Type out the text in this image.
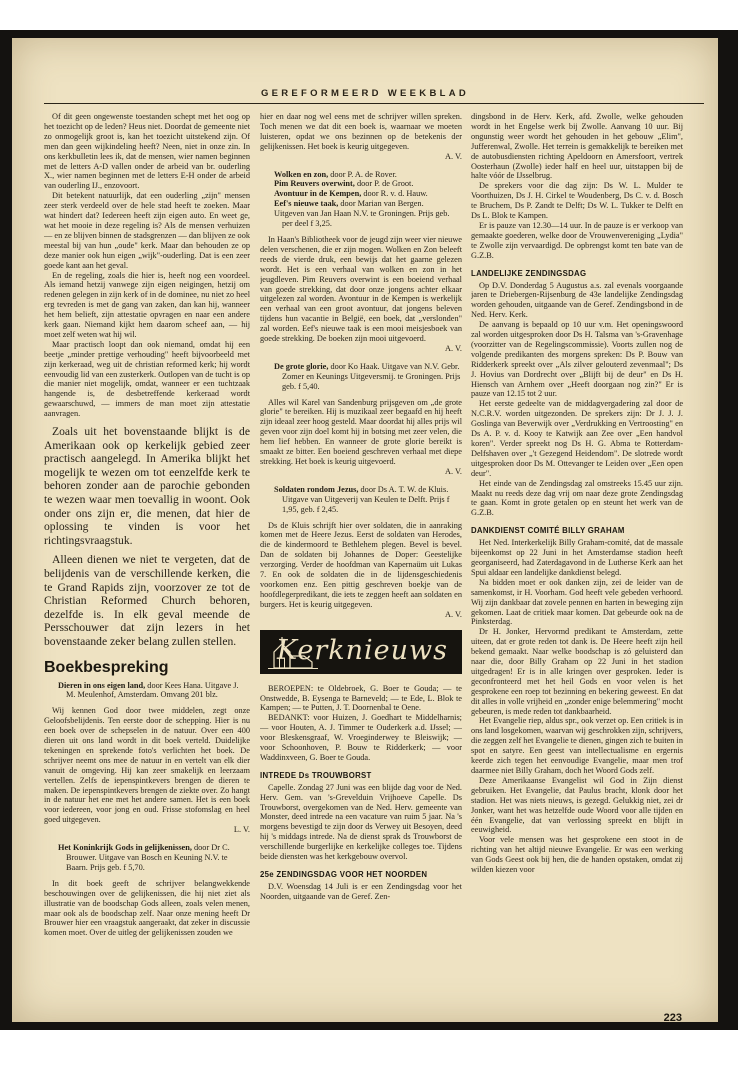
GEREFORMEERD WEEKBLAD

Of dit geen ongewenste toestanden schept met het oog op het toezicht op de leden? Heus niet. Doordat de gemeente niet zo onmogelijk groot is, kan het toezicht uitstekend zijn. Of men dan geen wijkindeling heeft? Neen, niet in onze zin. In ons kerkbulletin lees ik, dat de mensen, wier namen beginnen met de letters A-D vallen onder de arbeid van br. ouderling X., wier namen beginnen met de letters E-H onder de arbeid van ouderling IJ., enzovoort.

Dit betekent natuurlijk, dat een ouderling „zijn" mensen zeer sterk verdeeld over de hele stad heeft te zoeken. Maar wat hindert dat? Iedereen heeft zijn eigen auto. En weet ge, wat het mooie in deze regeling is? Als de mensen verhuizen — en ze blijven binnen de stadsgrenzen — dan blijven ze ook meestal bij van hun „oude" kerk. Maar dan behouden ze op deze manier ook hun eigen „wijk"-ouderling. Dat is een zeer goede kant aan het geval.

En de regeling, zoals die hier is, heeft nog een voordeel. Als iemand hetzij vanwege zijn eigen neigingen, hetzij om redenen gelegen in zijn kerk of in de dominee, nu niet zo heel erg tevreden is met de gang van zaken, dan kan hij, wanneer het hem belieft, zijn attestatie opvragen en naar een andere kerk gaan. Niemand kijkt hem daarom scheef aan, — hij moet zelf weten wat hij wil.

Maar practisch loopt dan ook niemand, omdat hij een beetje „minder prettige verhouding" heeft bijvoorbeeld met zijn kerkeraad, weg uit de christian reformed kerk; hij wordt eenvoudig lid van een zusterkerk. Outlopen van de tucht is op die manier niet mogelijk, omdat, wanneer er een tuchtzaak hangende is, de desbetreffende kerkeraad wordt gewaarschuwd, — immers de man moet zijn attestatie aanvragen.

Zoals uit het bovenstaande blijkt is de Amerikaan ook op kerkelijk gebied zeer practisch aangelegd. In Amerika blijkt het mogelijk te wezen om tot eenzelfde kerk te behoren zonder aan de parochie gebonden te wezen waar men toevallig in woont. Ook onder ons zijn er, die menen, dat hier de oplossing te vinden is voor het richtingsvraagstuk.

Alleen dienen we niet te vergeten, dat de belijdenis van de verschillende kerken, die te Grand Rapids zijn, voorzover ze tot de Christian Reformed Church behoren, dezelfde is. In elk geval meende de Persschouwer dat zijn lezers in het bovenstaande zeker belang zullen stellen.

Boekbespreking
Dieren in ons eigen land, door Kees Hana. Uitgave J. M. Meulenhof, Amsterdam. Omvang 201 blz.

Wij kennen God door twee middelen, zegt onze Geloofsbelijdenis. Ten eerste door de schepping. Hier is nu een boek over de schepselen in de natuur. Over een 400 dieren uit ons land wordt in dit boek verteld. Duidelijke tekeningen en sprekende foto's verlichten het boek. De schrijver neemt ons mee de natuur in en vertelt van elk dier vanuit de omgeving. Hij kan zeer smakelijk en leerzaam vertellen. Zelfs de iepenspintkevers brengen de dieren te maken. De iepenspintkevers brengen de ziekte over. Zo hangt in de natuur het ene met het andere samen. Het is een boek voor iedereen, voor jong en oud. Frisse stofomslag en heel goed uitgegeven.

L. V.

Het Koninkrijk Gods in gelijkenissen, door Dr C. Brouwer. Uitgave van Bosch en Keuning N.V. te Baarn. Prijs geb. f 5,70.

In dit boek geeft de schrijver belangwekkende beschouwingen over de gelijkenissen, die hij niet ziet als illustratie van de boodschap Gods alleen, zoals velen menen, maar ook als de boodschap zelf. Naar onze mening heeft Dr Brouwer hier een vraagstuk aangeraakt, dat zeker in discussie komen moet. Over de uitleg der gelijkenissen zouden we

hier en daar nog wel eens met de schrijver willen spreken. Toch menen we dat dit een boek is, waarnaar we moeten luisteren, opdat we ons bezinnen op de betekenis der gelijkenissen. Het boek is keurig uitgegeven.

A. V.

Wolken en zon, door P. A. de Rover.
Pim Reuvers overwint, door P. de Groot.
Avontuur in de Kempen, door R. v. d. Hauw.
Eef's nieuwe taak, door Marian van Bergen.
Uitgeven van Jan Haan N.V. te Groningen. Prijs geb. per deel f 3,25.

In Haan's Bibliotheek voor de jeugd zijn weer vier nieuwe delen verschenen, die er zijn mogen. Wolken en Zon beleeft reeds de vierde druk, een bewijs dat het gaarne gelezen wordt. Het is een verhaal van wolken en zon in het jeugdleven. Pim Reuvers overwint is een boeiend verhaal van goede strekking, dat door onze jongens achter elkaar uitgelezen zal worden. Avontuur in de Kempen is werkelijk een verhaal van een groot avontuur, dat jongens beleven tijdens hun vacantie in België, een boek, dat „verslonden" zal worden. Eef's nieuwe taak is een mooi meisjesboek van goede strekking. De boeken zijn mooi uitgevoerd.

A. V.

De grote glorie, door Ko Haak. Uitgave van N.V. Gebr. Zomer en Keunings Uitgeversmij. te Groningen. Prijs geb. f 5,40.

Alles wil Karel van Sandenburg prijsgeven om „de grote glorie" te bereiken. Hij is muzikaal zeer begaafd en hij heeft zijn ideaal zeer hoog gesteld. Maar doordat hij alles prijs wil geven voor zijn doel komt hij in botsing met zeer velen, die hem lief hebben. En wanneer de grote glorie bereikt is smaakt ze bitter. Een boeiend geschreven verhaal met diepe strekking. Het boek is keurig uitgevoerd.

A. V.

Soldaten rondom Jezus, door Ds A. T. W. de Kluis. Uitgave van Uitgeverij van Keulen te Delft. Prijs f 1,95, geb. f 2,45.

Ds de Kluis schrijft hier over soldaten, die in aanraking komen met de Heere Jezus. Eerst de soldaten van Herodes, die de kindermoord te Bethlehem plegen. Bevel is bevel. Dan de soldaten bij Johannes de Doper: Geestelijke verzorging. Verder de hoofdman van Kapernaüm uit Lukas 7. En ook de soldaten die in de lijdensgeschiedenis voorkomen enz. Een pittig geschreven boekje van de hoofdlegerpredikant, die iets te zeggen heeft aan soldaten en burgers. Het is keurig uitgegeven.

A. V.

Kerknieuws

BEROEPEN: te Oldebroek, G. Boer te Gouda; — te Onstwedde, B. Eysenga te Barneveld; — te Ede, L. Blok te Kampen; — te Putten, J. T. Doornenbal te Oene.

BEDANKT: voor Huizen, J. Goedhart te Middelharnis; — voor Houten, A. J. Timmer te Ouderkerk a.d. IJssel; — voor Bleskensgraaf, W. Vroeginderwey te Bleiswijk; — voor Schoonhoven, P. Bouw te Ridderkerk; — voor Waddinxveen, G. Boer te Gouda.

INTREDE Ds TROUWBORST

Capelle. Zondag 27 Juni was een blijde dag voor de Ned. Herv. Gem. van 's-Grevelduin Vrijhoeve Capelle. Ds Trouwborst, overgekomen van de Ned. Herv. gemeente van Monster, deed intrede na een vacature van ruim 5 jaar. Na 's morgens bevestigd te zijn door ds Verwey uit Besoyen, deed hij 's middags intrede. Na de dienst sprak ds Trouwborst de verschillende burgerlijke en kerkelijke colleges toe. Tijdens beide diensten was het kerkgebouw overvol.

25e ZENDINGSDAG VOOR HET NOORDEN

D.V. Woensdag 14 Juli is er een Zendingsdag voor het Noorden, uitgaande van de Geref. Zen-

dingsbond in de Herv. Kerk, afd. Zwolle, welke gehouden wordt in het Engelse werk bij Zwolle. Aanvang 10 uur. Bij ongunstig weer wordt het gehouden in het gebouw „Elim", Jufferenwal, Zwolle. Het terrein is gemakkelijk te bereiken met de autobusdiensten richting Apeldoorn en Amersfoort, vertrek Oosterhaun (Zwolle) ieder half en heel uur, uitstappen bij de halte vóór de IJsselbrug.

De sprekers voor die dag zijn: Ds W. L. Mulder te Voorthuizen, Ds J. H. Cirkel te Woudenberg, Ds C. v. d. Bosch te Bruchem, Ds P. Zandt te Delft; Ds W. L. Tukker te Delft en Ds L. Blok te Kampen.

Er is pauze van 12.30—14 uur. In de pauze is er verkoop van gemaakte goederen, welke door de Vrouwenvereniging „Lydia" te Zwolle zijn vervaardigd. De opbrengst komt ten bate van de G.Z.B.

LANDELIJKE ZENDINGSDAG

Op D.V. Donderdag 5 Augustus a.s. zal evenals voorgaande jaren te Driebergen-Rijsenburg de 43e landelijke Zendingsdag worden gehouden, uitgaande van de Geref. Zendingsbond in de Ned. Herv. Kerk.

De aanvang is bepaald op 10 uur v.m. Het openingswoord zal worden uitgesproken door Ds H. Talsma van 's-Gravenhage (voorzitter van de Regelingscommissie). Voorts zullen nog de volgende predikanten des morgens spreken: Ds P. Bouw van Ridderkerk spreekt over „Als zilver gelouterd zevenmaal"; Ds J. Hovius van Dordrecht over „Blijft bij de deur" en Ds H. Hiensch van Arnhem over „Heeft doorgaan nog zin?" Er is pauze van 12.15 tot 2 uur.

Het eerste gedeelte van de middagvergadering zal door de N.C.R.V. worden uitgezonden. De sprekers zijn: Dr J. J. J. Goslinga van Beverwijk over „Verdrukking en Vertroosting" en Ds A. P. v. d. Kooy te Katwijk aan Zee over „Een handvol koren". Verder spreekt nog Ds H. G. Abma te Rotterdam-Delfshaven over „'t Gezegend Heidendom". De slotrede wordt uitgesproken door Ds M. Ottevanger te Leiden over „Een open deur".

Het einde van de Zendingsdag zal omstreeks 15.45 uur zijn. Maakt nu reeds deze dag vrij om naar deze grote Zendingsdag te gaan. Komt in grote getalen op en steunt het werk van de G.Z.B.

DANKDIENST COMITÉ BILLY GRAHAM

Het Ned. Interkerkelijk Billy Graham-comité, dat de massale bijeenkomst op 22 Juni in het Amsterdamse stadion heeft georganiseerd, had Zaterdagavond in de Lutherse Kerk aan het Spui aldaar een landelijke dankdienst belegd.

Na bidden moet er ook danken zijn, zei de leider van de samenkomst, ir H. Voorham. God heeft vele gebeden verhoord. Wij zijn dankbaar dat zovele pennen en harten in beweging zijn gekomen. Laat de critiek maar komen. Dat gebeurde ook na de Pinksterdag.

Dr H. Jonker, Hervormd predikant te Amsterdam, zette uiteen, dat er grote reden tot dank is. De Heere heeft zijn heil bekend gemaakt. Naar welke boodschap is zó geluisterd dan naar die, door Billy Graham op 22 Juni in het stadion uitgedragen! Er is in alle kringen over gesproken. Ieder is geconfronteerd met het heil Gods en voor velen is het gesprokene een roep tot bezinning en bekering geweest. En dat dit alles in volle vrijheid en „zonder enige belemmering" mocht gebeuren, is mede reden tot dankbaarheid.

Het Evangelie riep, aldus spr., ook verzet op. Een critiek is in ons land losgekomen, waarvan wij geschrokken zijn, schrijvers, die zeggen zelf het Evangelie te dienen, gingen zich te buiten in spot en satyre. Een geest van intellectualisme en ergernis keerde zich tegen het eenvoudige Evangelie, maar men trof daarmee niet Billy Graham, doch het Woord Gods zelf.

Deze Amerikaanse Evangelist wil God in Zijn dienst gebruiken. Het Evangelie, dat Paulus bracht, klonk door het stadion. Het was niets nieuws, is gezegd. Gelukkig niet, zei dr Jonker, want het was hetzelfde oude Woord voor alle tijden en één Evangelie, dat van verlossing spreekt en blijft in eeuwigheid.

Voor vele mensen was het gesprokene een stoot in de richting van het altijd nieuwe Evangelie. Er was een werking van Gods Geest ook bij hen, die de handen opstaken, omdat zij wilden kiezen voor

223
